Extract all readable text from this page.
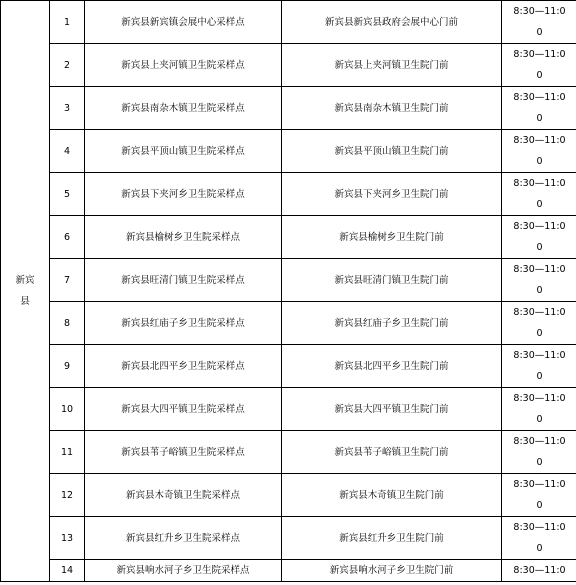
新宾
县	1	新宾县新宾镇会展中心采样点	新宾县新宾县政府会展中心门前	8:30—11:0
0

	2	新宾县上夹河镇卫生院采样点	新宾县上夹河镇卫生院门前	8:30—11:0
0

	3	新宾县南杂木镇卫生院采样点	新宾县南杂木镇卫生院门前	8:30—11:0
0

	4	新宾县平顶山镇卫生院采样点	新宾县平顶山镇卫生院门前	8:30—11:0
0

	5	新宾县下夹河乡卫生院采样点	新宾县下夹河乡卫生院门前	8:30—11:0
0

	6	新宾县榆树乡卫生院采样点	新宾县榆树乡卫生院门前	8:30—11:0
0

	7	新宾县旺清门镇卫生院采样点	新宾县旺清门镇卫生院门前	8:30—11:0
0

	8	新宾县红庙子乡卫生院采样点	新宾县红庙子乡卫生院门前	8:30—11:0
0

	9	新宾县北四平乡卫生院采样点	新宾县北四平乡卫生院门前	8:30—11:0
0

	10	新宾县大四平镇卫生院采样点	新宾县大四平镇卫生院门前	8:30—11:0
0

	11	新宾县苇子峪镇卫生院采样点	新宾县苇子峪镇卫生院门前	8:30—11:0
0

	12	新宾县木奇镇卫生院采样点	新宾县木奇镇卫生院门前	8:30—11:0
0

	13	新宾县红升乡卫生院采样点	新宾县红升乡卫生院门前	8:30—11:0
0

	14	新宾县响水河子乡卫生院采样点	新宾县响水河子乡卫生院门前	8:30—11:0
